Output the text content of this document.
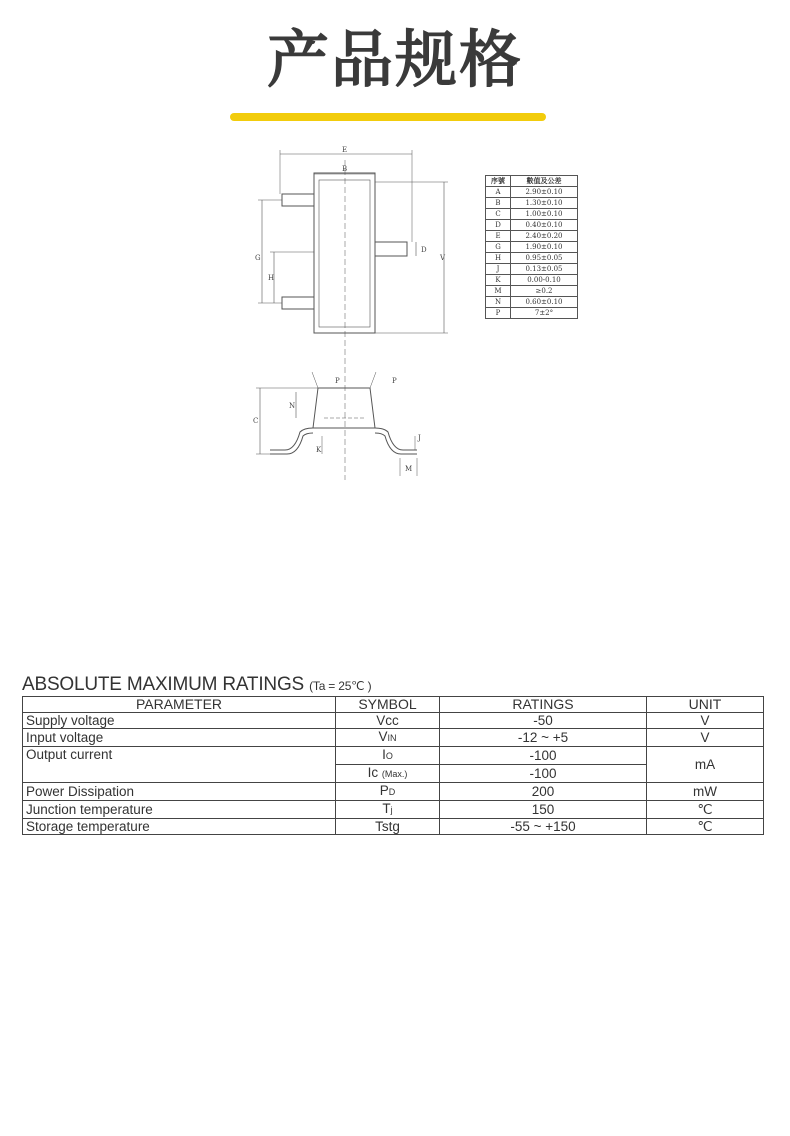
产品规格
E
B
G
H
D
V
P	P
N
C
K
J
M
序號	數值及公差
A	2.90±0.10
B	1.30±0.10
C	1.00±0.10
D	0.40±0.10
E	2.40±0.20
G	1.90±0.10
H	0.95±0.05
J	0.13±0.05
K	0.00-0.10
M	≥0.2
N	0.60±0.10
P	7±2°
ABSOLUTE MAXIMUM RATINGS (Ta = 25℃ )
PARAMETER	SYMBOL	RATINGS	UNIT
Supply voltage	Vcc	-50	V
Input voltage	VIN	-12 ~ +5	V
Output current	IO	-100	mA
	Ic (Max.)	-100	
Power Dissipation	PD	200	mW
Junction temperature	Tj	150	℃
Storage temperature	Tstg	-55 ~ +150	℃
